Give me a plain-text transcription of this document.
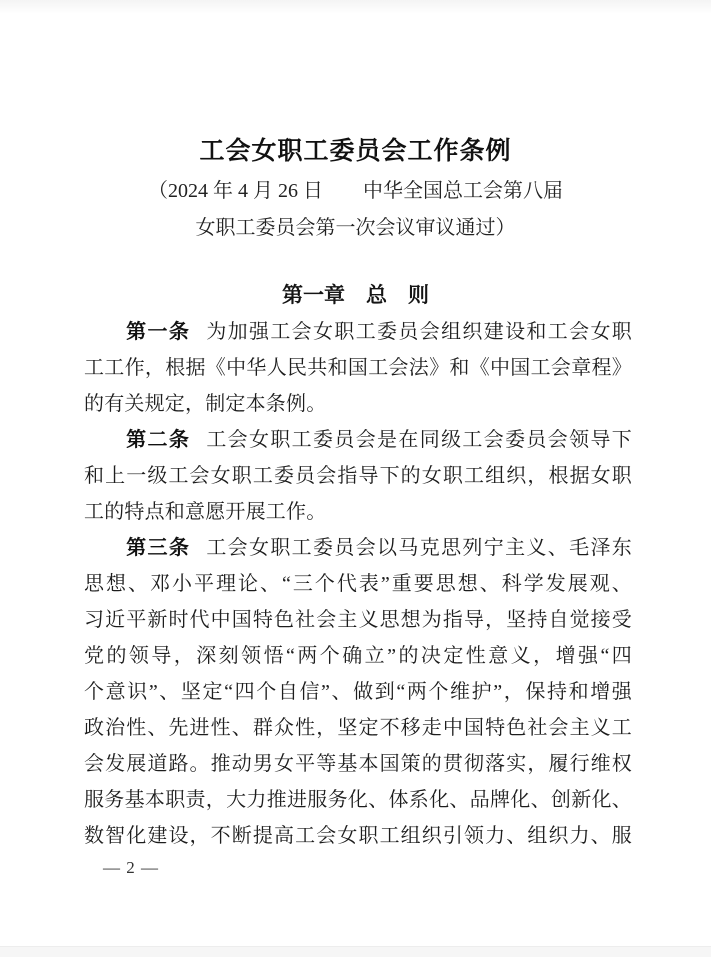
工会女职工委员会工作条例
（2024 年 4 月 26 日　　中华全国总工会第八届
女职工委员会第一次会议审议通过）
第一章　总　则
第一条 为加强工会女职工委员会组织建设和工会女职
工工作，根据《中华人民共和国工会法》和《中国工会章程》
的有关规定，制定本条例。
第二条 工会女职工委员会是在同级工会委员会领导下
和上一级工会女职工委员会指导下的女职工组织，根据女职
工的特点和意愿开展工作。
第三条 工会女职工委员会以马克思列宁主义、毛泽东
思想、邓小平理论、“三个代表”重要思想、科学发展观、
习近平新时代中国特色社会主义思想为指导，坚持自觉接受
党的领导，深刻领悟“两个确立”的决定性意义，增强“四
个意识”、坚定“四个自信”、做到“两个维护”，保持和增强
政治性、先进性、群众性，坚定不移走中国特色社会主义工
会发展道路。推动男女平等基本国策的贯彻落实，履行维权
服务基本职责，大力推进服务化、体系化、品牌化、创新化、
数智化建设，不断提高工会女职工组织引领力、组织力、服
— 2 —
